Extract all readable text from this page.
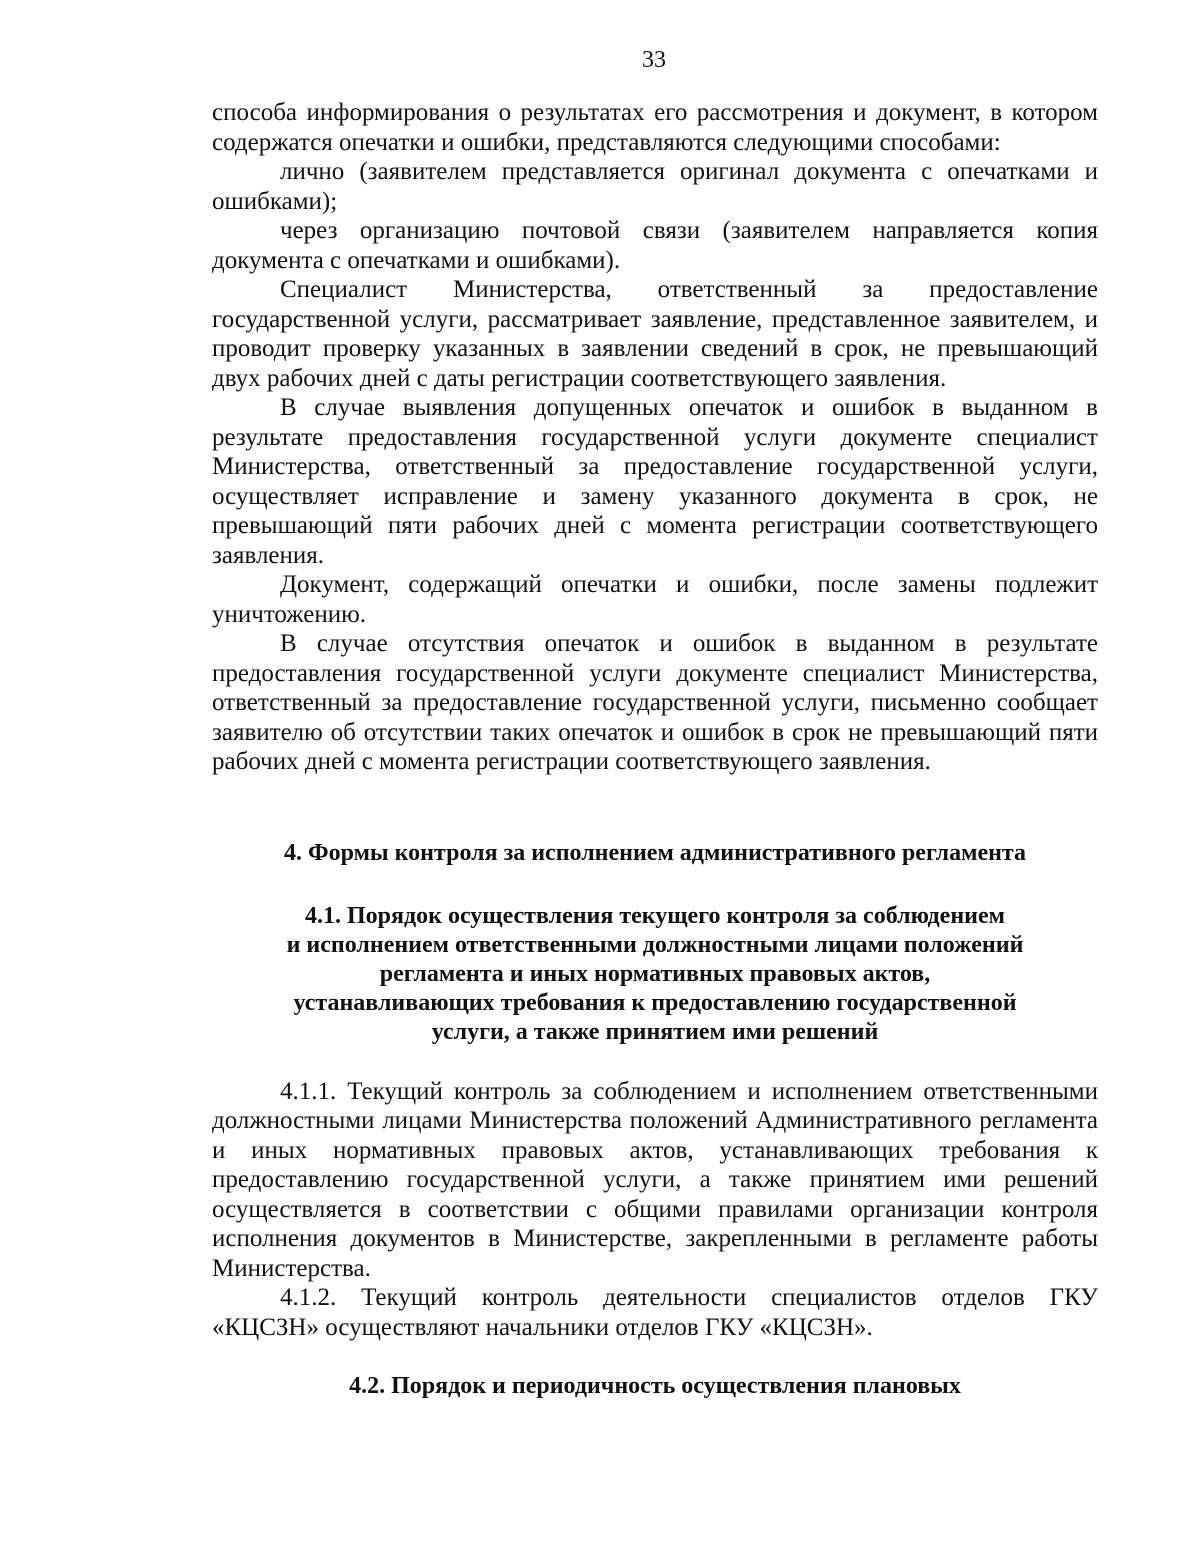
33

способа информирования о результатах его рассмотрения и документ, в котором содержатся опечатки и ошибки, представляются следующими способами:

лично (заявителем представляется оригинал документа с опечатками и ошибками);

через организацию почтовой связи (заявителем направляется копия документа с опечатками и ошибками).

Специалист Министерства, ответственный за предоставление государственной услуги, рассматривает заявление, представленное заявителем, и проводит проверку указанных в заявлении сведений в срок, не превышающий двух рабочих дней с даты регистрации соответствующего заявления.

В случае выявления допущенных опечаток и ошибок в выданном в результате предоставления государственной услуги документе специалист Министерства, ответственный за предоставление государственной услуги, осуществляет исправление и замену указанного документа в срок, не превышающий пяти рабочих дней с момента регистрации соответствующего заявления.

Документ, содержащий опечатки и ошибки, после замены подлежит уничтожению.

В случае отсутствия опечаток и ошибок в выданном в результате предоставления государственной услуги документе специалист Министерства, ответственный за предоставление государственной услуги, письменно сообщает заявителю об отсутствии таких опечаток и ошибок в срок не превышающий пяти рабочих дней с момента регистрации соответствующего заявления.

4. Формы контроля за исполнением административного регламента
4.1. Порядок осуществления текущего контроля за соблюдением
и исполнением ответственными должностными лицами положений
регламента и иных нормативных правовых актов,
устанавливающих требования к предоставлению государственной
услуги, а также принятием ими решений

4.1.1. Текущий контроль за соблюдением и исполнением ответственными должностными лицами Министерства положений Административного регламента и иных нормативных правовых актов, устанавливающих требования к предоставлению государственной услуги, а также принятием ими решений осуществляется в соответствии с общими правилами организации контроля исполнения документов в Министерстве, закрепленными в регламенте работы Министерства.

4.1.2. Текущий контроль деятельности специалистов отделов ГКУ «КЦСЗН» осуществляют начальники отделов ГКУ «КЦСЗН».

4.2. Порядок и периодичность осуществления плановых
